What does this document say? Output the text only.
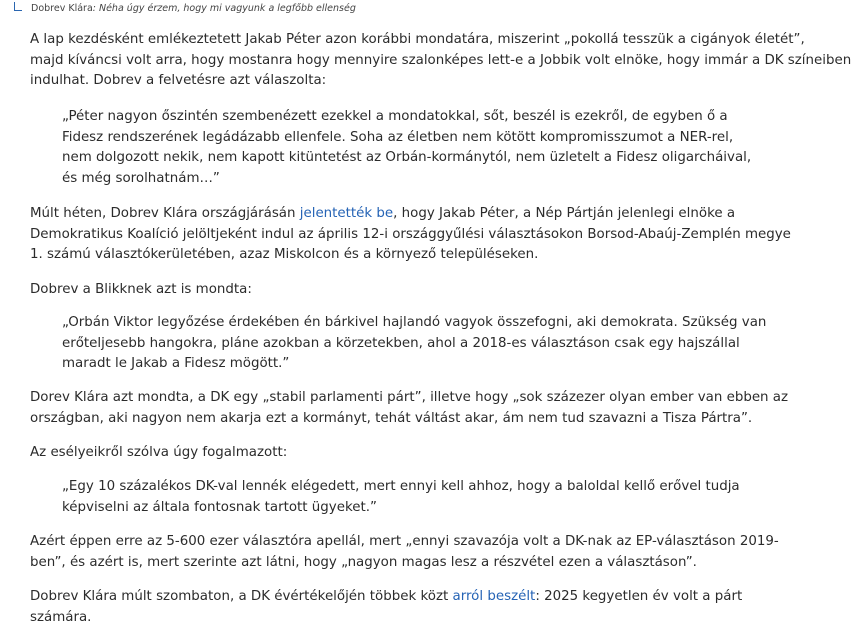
Dobrev Klára : Néha úgy érzem, hogy mi vagyunk a legfőbb ellenség

A lap kezdésként emlékeztetett Jakab Péter azon korábbi mondatára, miszerint „pokollá tesszük a cigányok életét”,
majd kíváncsi volt arra, hogy mostanra hogy mennyire szalonképes lett-e a Jobbik volt elnöke, hogy immár a DK színeiben
indulhat. Dobrev a felvetésre azt válaszolta:

„Péter nagyon őszintén szembenézett ezekkel a mondatokkal, sőt, beszél is ezekről, de egyben ő a
Fidesz rendszerének legádázabb ellenfele. Soha az életben nem kötött kompromisszumot a NER-rel,
nem dolgozott nekik, nem kapott kitüntetést az Orbán-kormánytól, nem üzletelt a Fidesz oligarcháival,
és még sorolhatnám…”

Múlt héten, Dobrev Klára országjárásán jelentették be, hogy Jakab Péter, a Nép Pártján jelenlegi elnöke a
Demokratikus Koalíció jelöltjeként indul az április 12-i országgyűlési választásokon Borsod-Abaúj-Zemplén megye
1. számú választókerületében, azaz Miskolcon és a környező településeken.

Dobrev a Blikknek azt is mondta:

„Orbán Viktor legyőzése érdekében én bárkivel hajlandó vagyok összefogni, aki demokrata. Szükség van
erőteljesebb hangokra, pláne azokban a körzetekben, ahol a 2018-es választáson csak egy hajszállal
maradt le Jakab a Fidesz mögött.”

Dorev Klára azt mondta, a DK egy „stabil parlamenti párt”, illetve hogy „sok százezer olyan ember van ebben az
országban, aki nagyon nem akarja ezt a kormányt, tehát váltást akar, ám nem tud szavazni a Tisza Pártra”.

Az esélyeikről szólva úgy fogalmazott:

„Egy 10 százalékos DK-val lennék elégedett, mert ennyi kell ahhoz, hogy a baloldal kellő erővel tudja
képviselni az általa fontosnak tartott ügyeket.”

Azért éppen erre az 5-600 ezer választóra apellál, mert „ennyi szavazója volt a DK-nak az EP-választáson 2019-
ben”, és azért is, mert szerinte azt látni, hogy „nagyon magas lesz a részvétel ezen a választáson”.

Dobrev Klára múlt szombaton, a DK évértékelőjén többek közt arról beszélt: 2025 kegyetlen év volt a párt
számára.
